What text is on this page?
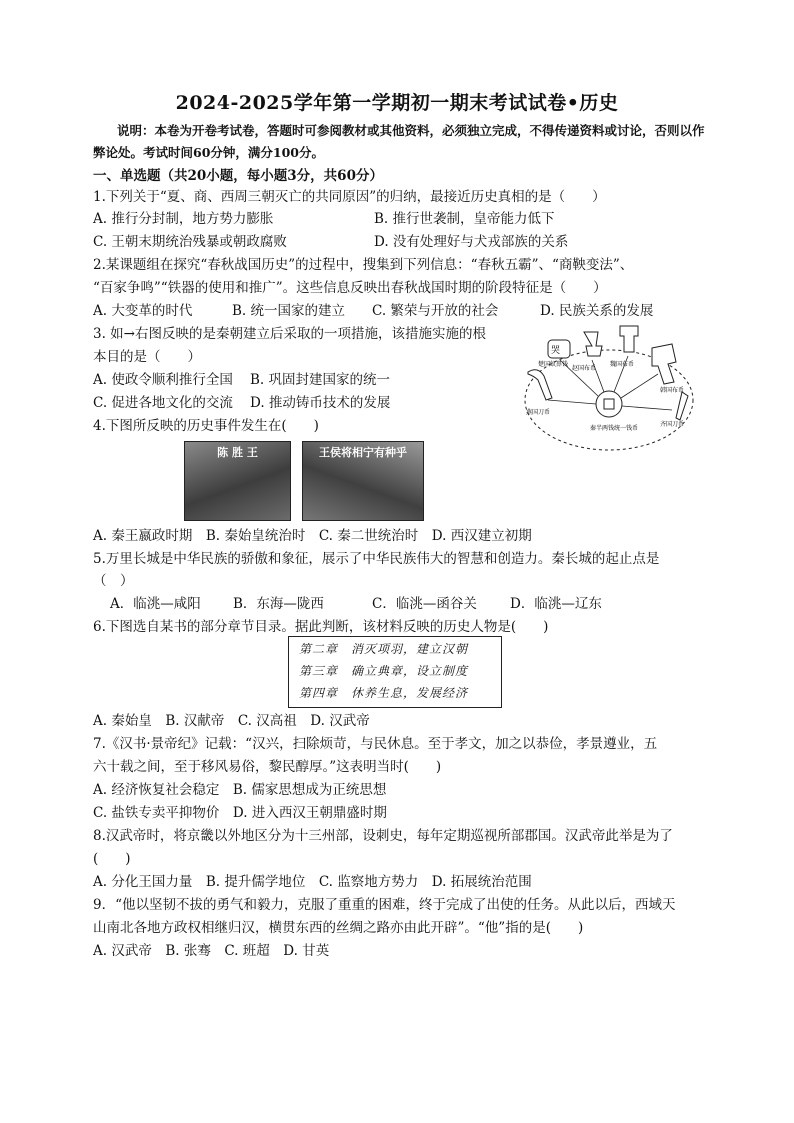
2024-2025学年第一学期初一期末考试试卷•历史
说明：本卷为开卷考试卷，答题时可参阅教材或其他资料，必须独立完成，不得传递资料或讨论，否则以作弊论处。考试时间60分钟，满分100分。
一、单选题（共20小题，每小题3分，共60分）
1.下列关于“夏、商、西周三朝灭亡的共同原因”的归纳，最接近历史真相的是（　　）
A. 推行分封制，地方势力膨胀	B. 推行世袭制，皇帝能力低下
C. 王朝末期统治残暴或朝政腐败	D. 没有处理好与犬戎部族的关系
2.某课题组在探究“春秋战国历史”的过程中，搜集到下列信息：“春秋五霸”、“商鞅变法”、
“百家争鸣”“铁器的使用和推广”。这些信息反映出春秋战国时期的阶段特征是（　　）
A. 大变革的时代	B. 统一国家的建立 C. 繁荣与开放的社会	D. 民族关系的发展
3. 如→右图反映的是秦朝建立后采取的一项措施，该措施实施的根
本目的是（　　）
A. 使政令顺利推行全国 B. 巩固封建国家的统一
C. 促进各地文化的交流 D. 推动铸币技术的发展
哭
楚国蚁鼻钱
赵国布币
魏国布币
韩国布币
燕国刀币
齐国刀币
秦半两钱统一钱币
4.下图所反映的历史事件发生在(　　)
陈 胜 王	王侯将相宁有种乎
A. 秦王嬴政时期　B. 秦始皇统治时　C. 秦二世统治时　D. 西汉建立初期
5.万里长城是中华民族的骄傲和象征，展示了中华民族伟大的智慧和创造力。秦长城的起止点是
（　）
A．临洮—咸阳 B．东海—陇西	C．临洮—函谷关 D．临洮—辽东
6.下图选自某书的部分章节目录。据此判断，该材料反映的历史人物是(　　)
第二章　消灭项羽，建立汉朝
第三章　确立典章，设立制度
第四章　休养生息，发展经济
A. 秦始皇　B. 汉献帝　C. 汉高祖　D. 汉武帝
7.《汉书·景帝纪》记载：“汉兴，扫除烦苛，与民休息。至于孝文，加之以恭俭，孝景遵业，五
六十载之间，至于移风易俗，黎民醇厚。”这表明当时(　　)
A. 经济恢复社会稳定　B. 儒家思想成为正统思想
C. 盐铁专卖平抑物价　D. 进入西汉王朝鼎盛时期
8.汉武帝时，将京畿以外地区分为十三州部，设刺史，每年定期巡视所部郡国。汉武帝此举是为了
(　　)
A. 分化王国力量　B. 提升儒学地位　C. 监察地方势力　D. 拓展统治范围
9．“他以坚韧不拔的勇气和毅力，克服了重重的困难，终于完成了出使的任务。从此以后，西域天
山南北各地方政权相继归汉，横贯东西的丝绸之路亦由此开辟”。“他”指的是(　　)
A. 汉武帝　B. 张骞　C. 班超　D. 甘英
